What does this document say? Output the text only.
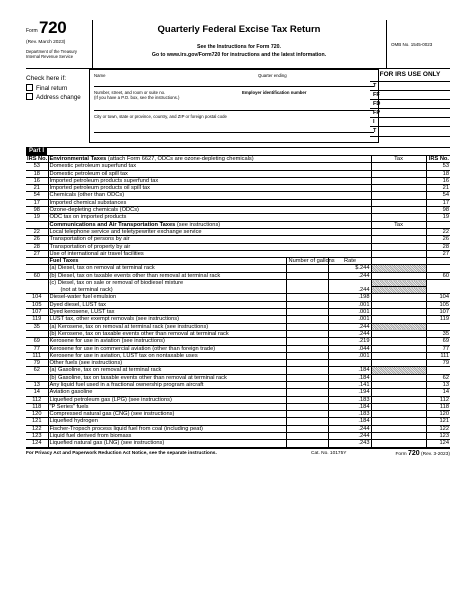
Form 720
(Rev. March 2023)
Department of the Treasury
Internal Revenue Service
Quarterly Federal Excise Tax Return
See the Instructions for Form 720.
Go to www.irs.gov/Form720 for instructions and the latest information.
OMB No. 1545-0023
Check here if:
Final return
Address change
Name	Quarter ending
Number, street, and room or suite no.
(If you have a P.O. box, see the instructions.)
Employer identification number
City or town, state or province, country, and ZIP or foreign postal code
FOR IRS USE ONLY
T
FF
FD
FP
I
T
Part I
IRS No.	Environmental Taxes (attach Form 6627, ODCs are ozone-depleting chemicals)			Tax	IRS No.
53	Domestic petroleum superfund tax				53
18	Domestic petroleum oil spill tax				18
16	Imported petroleum products superfund tax				16
21	Imported petroleum products oil spill tax				21
54	Chemicals (other than ODCs)				54
17	Imported chemical substances				17
98	Ozone-depleting chemicals (ODCs)				98
19	ODC tax on imported products				19
	Communications and Air Transportation Taxes (see instructions)			Tax	
22	Local telephone service and teletypewriter exchange service				22
26	Transportation of persons by air				26
28	Transportation of property by air				28
27	Use of international air travel facilities				27
	Fuel Taxes	Number of gallons	Rate		
	(a) Diesel, tax on removal at terminal rack		$.244		
60	(b) Diesel, tax on taxable events other than removal at terminal rack		.244		60
	(c) Diesel, tax on sale or removal of biodiesel mixture				
	(not at terminal rack)		.244		
104	Diesel-water fuel emulsion		.198		104
105	Dyed diesel, LUST tax		.001		105
107	Dyed kerosene, LUST tax		.001		107
119	LUST tax, other exempt removals (see instructions)		.001		119
35	(a) Kerosene, tax on removal at terminal rack (see instructions)		.244		
	(b) Kerosene, tax on taxable events other than removal at terminal rack		.244		35
69	Kerosene for use in aviation (see instructions)		.219		69
77	Kerosene for use in commercial aviation (other than foreign trade)		.044		77
111	Kerosene for use in aviation, LUST tax on nontaxable uses		.001		111
79	Other fuels (see instructions)				79
62	(a) Gasoline, tax on removal at terminal rack		.184		
	(b) Gasoline, tax on taxable events other than removal at terminal rack		.184		62
13	Any liquid fuel used in a fractional ownership program aircraft		.141		13
14	Aviation gasoline		.194		14
112	Liquefied petroleum gas (LPG) (see instructions)		.183		112
118	"P Series" fuels		.184		118
120	Compressed natural gas (CNG) (see instructions)		.183		120
121	Liquefied hydrogen		.184		121
122	Fischer-Tropsch process liquid fuel from coal (including peat)		.244		122
123	Liquid fuel derived from biomass		.244		123
124	Liquefied natural gas (LNG) (see instructions)		.243		124
For Privacy Act and Paperwork Reduction Act Notice, see the separate instructions.	Cat. No. 10175Y	Form 720 (Rev. 3-2023)
